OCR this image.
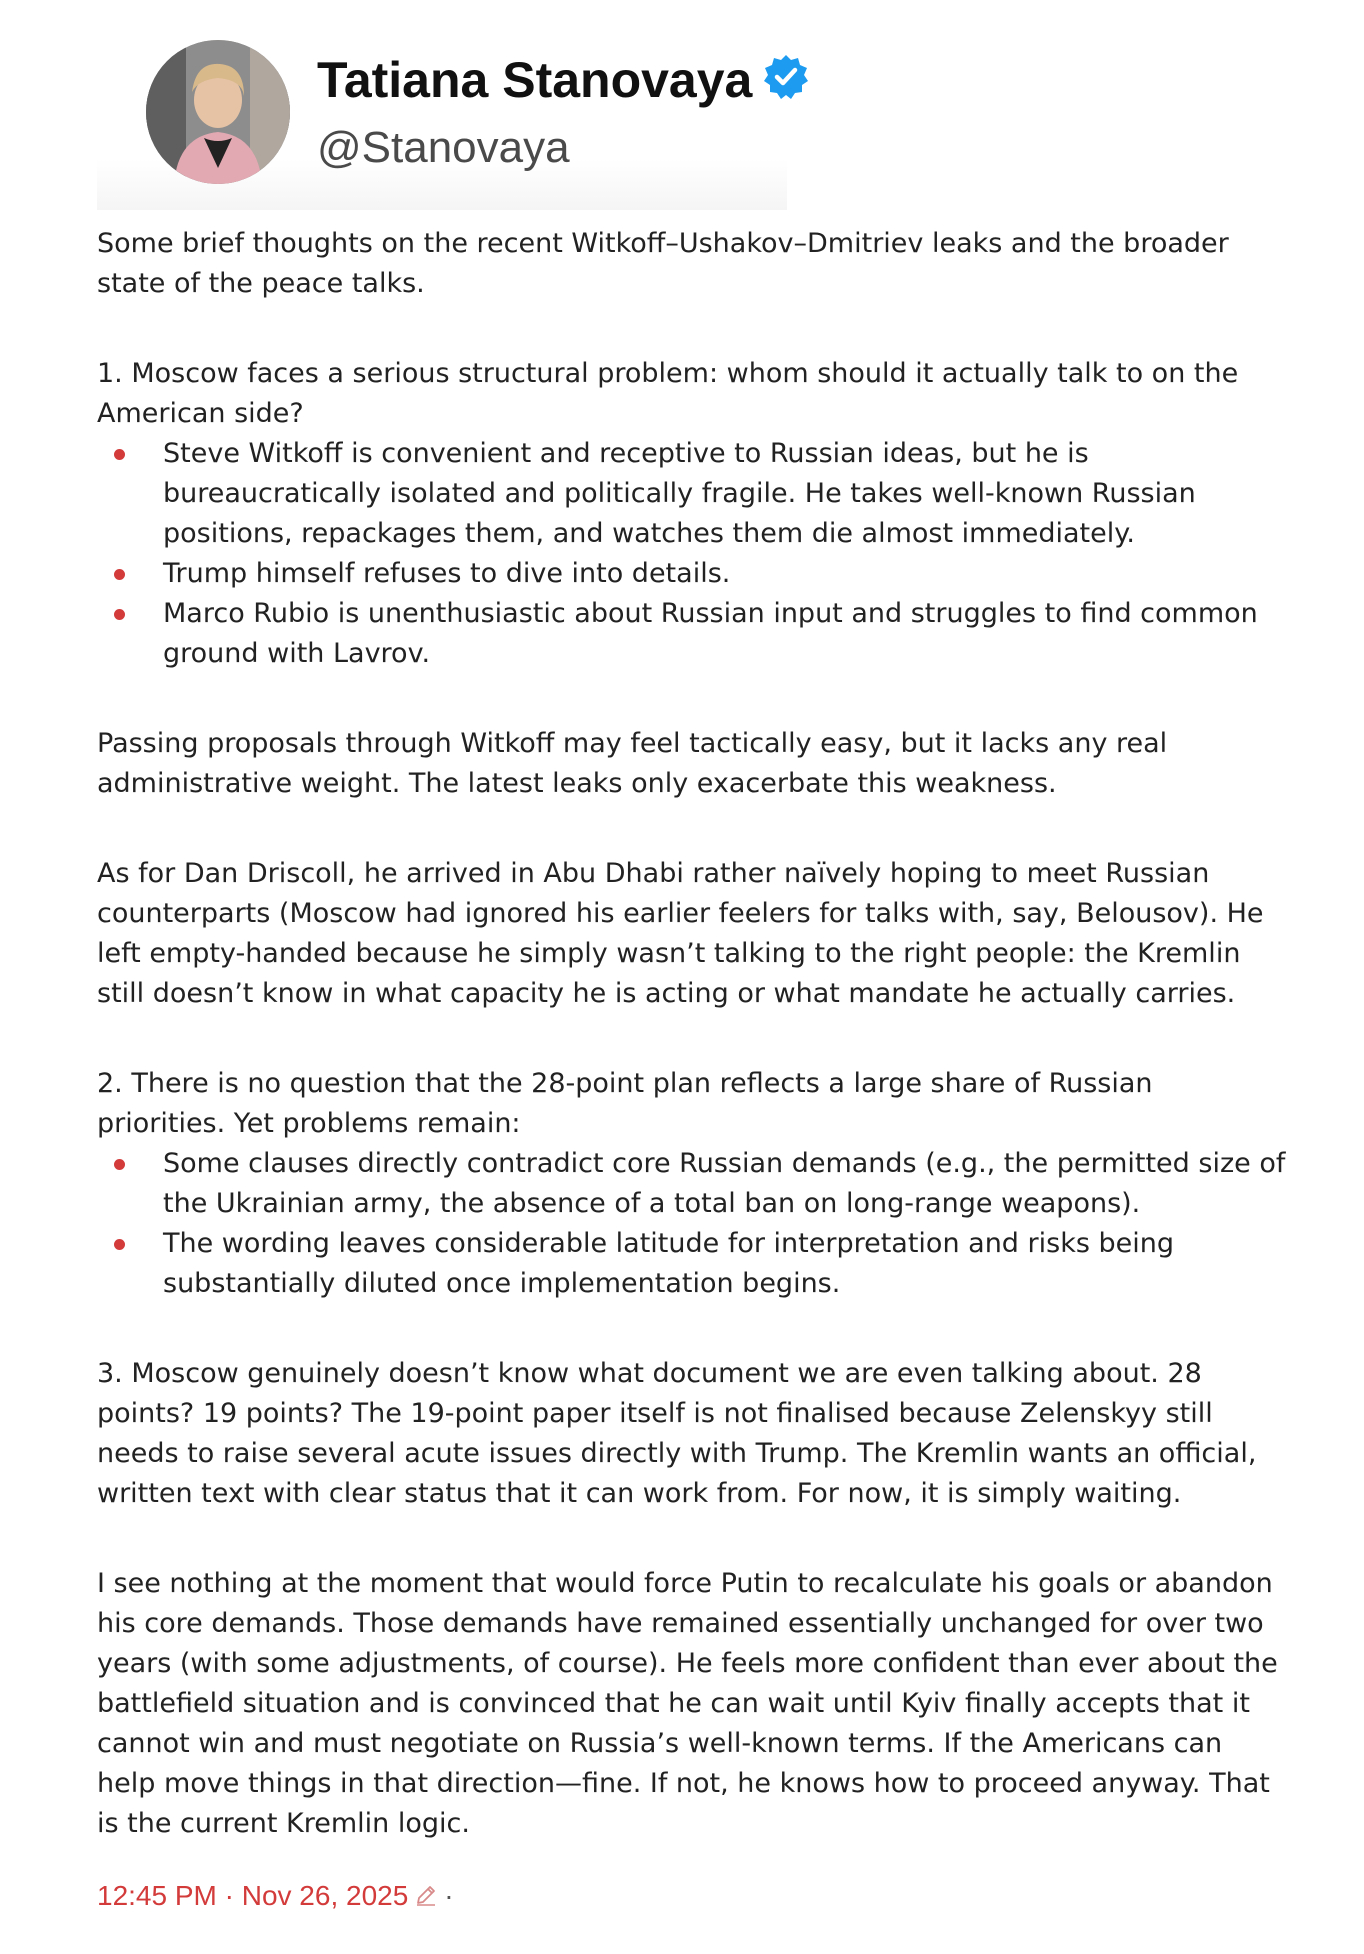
Tatiana Stanovaya
@Stanovaya

Some brief thoughts on the recent Witkoff–Ushakov–Dmitriev leaks and the broader state of the peace talks.

1. Moscow faces a serious structural problem: whom should it actually talk to on the American side?

Steve Witkoff is convenient and receptive to Russian ideas, but he is bureaucratically isolated and politically fragile. He takes well-known Russian positions, repackages them, and watches them die almost immediately.
Trump himself refuses to dive into details.
Marco Rubio is unenthusiastic about Russian input and struggles to find common ground with Lavrov.

Passing proposals through Witkoff may feel tactically easy, but it lacks any real administrative weight. The latest leaks only exacerbate this weakness.

As for Dan Driscoll, he arrived in Abu Dhabi rather naïvely hoping to meet Russian counterparts (Moscow had ignored his earlier feelers for talks with, say, Belousov). He left empty-handed because he simply wasn’t talking to the right people: the Kremlin still doesn’t know in what capacity he is acting or what mandate he actually carries.

2. There is no question that the 28-point plan reflects a large share of Russian priorities. Yet problems remain:

Some clauses directly contradict core Russian demands (e.g., the permitted size of the Ukrainian army, the absence of a total ban on long-range weapons).
The wording leaves considerable latitude for interpretation and risks being substantially diluted once implementation begins.

3. Moscow genuinely doesn’t know what document we are even talking about. 28 points? 19 points? The 19-point paper itself is not finalised because Zelenskyy still needs to raise several acute issues directly with Trump. The Kremlin wants an official, written text with clear status that it can work from. For now, it is simply waiting.

I see nothing at the moment that would force Putin to recalculate his goals or abandon his core demands. Those demands have remained essentially unchanged for over two years (with some adjustments, of course). He feels more confident than ever about the battlefield situation and is convinced that he can wait until Kyiv finally accepts that it cannot win and must negotiate on Russia’s well-known terms. If the Americans can help move things in that direction—fine. If not, he knows how to proceed anyway. That is the current Kremlin logic.

12:45 PM · Nov 26, 2025 ·
